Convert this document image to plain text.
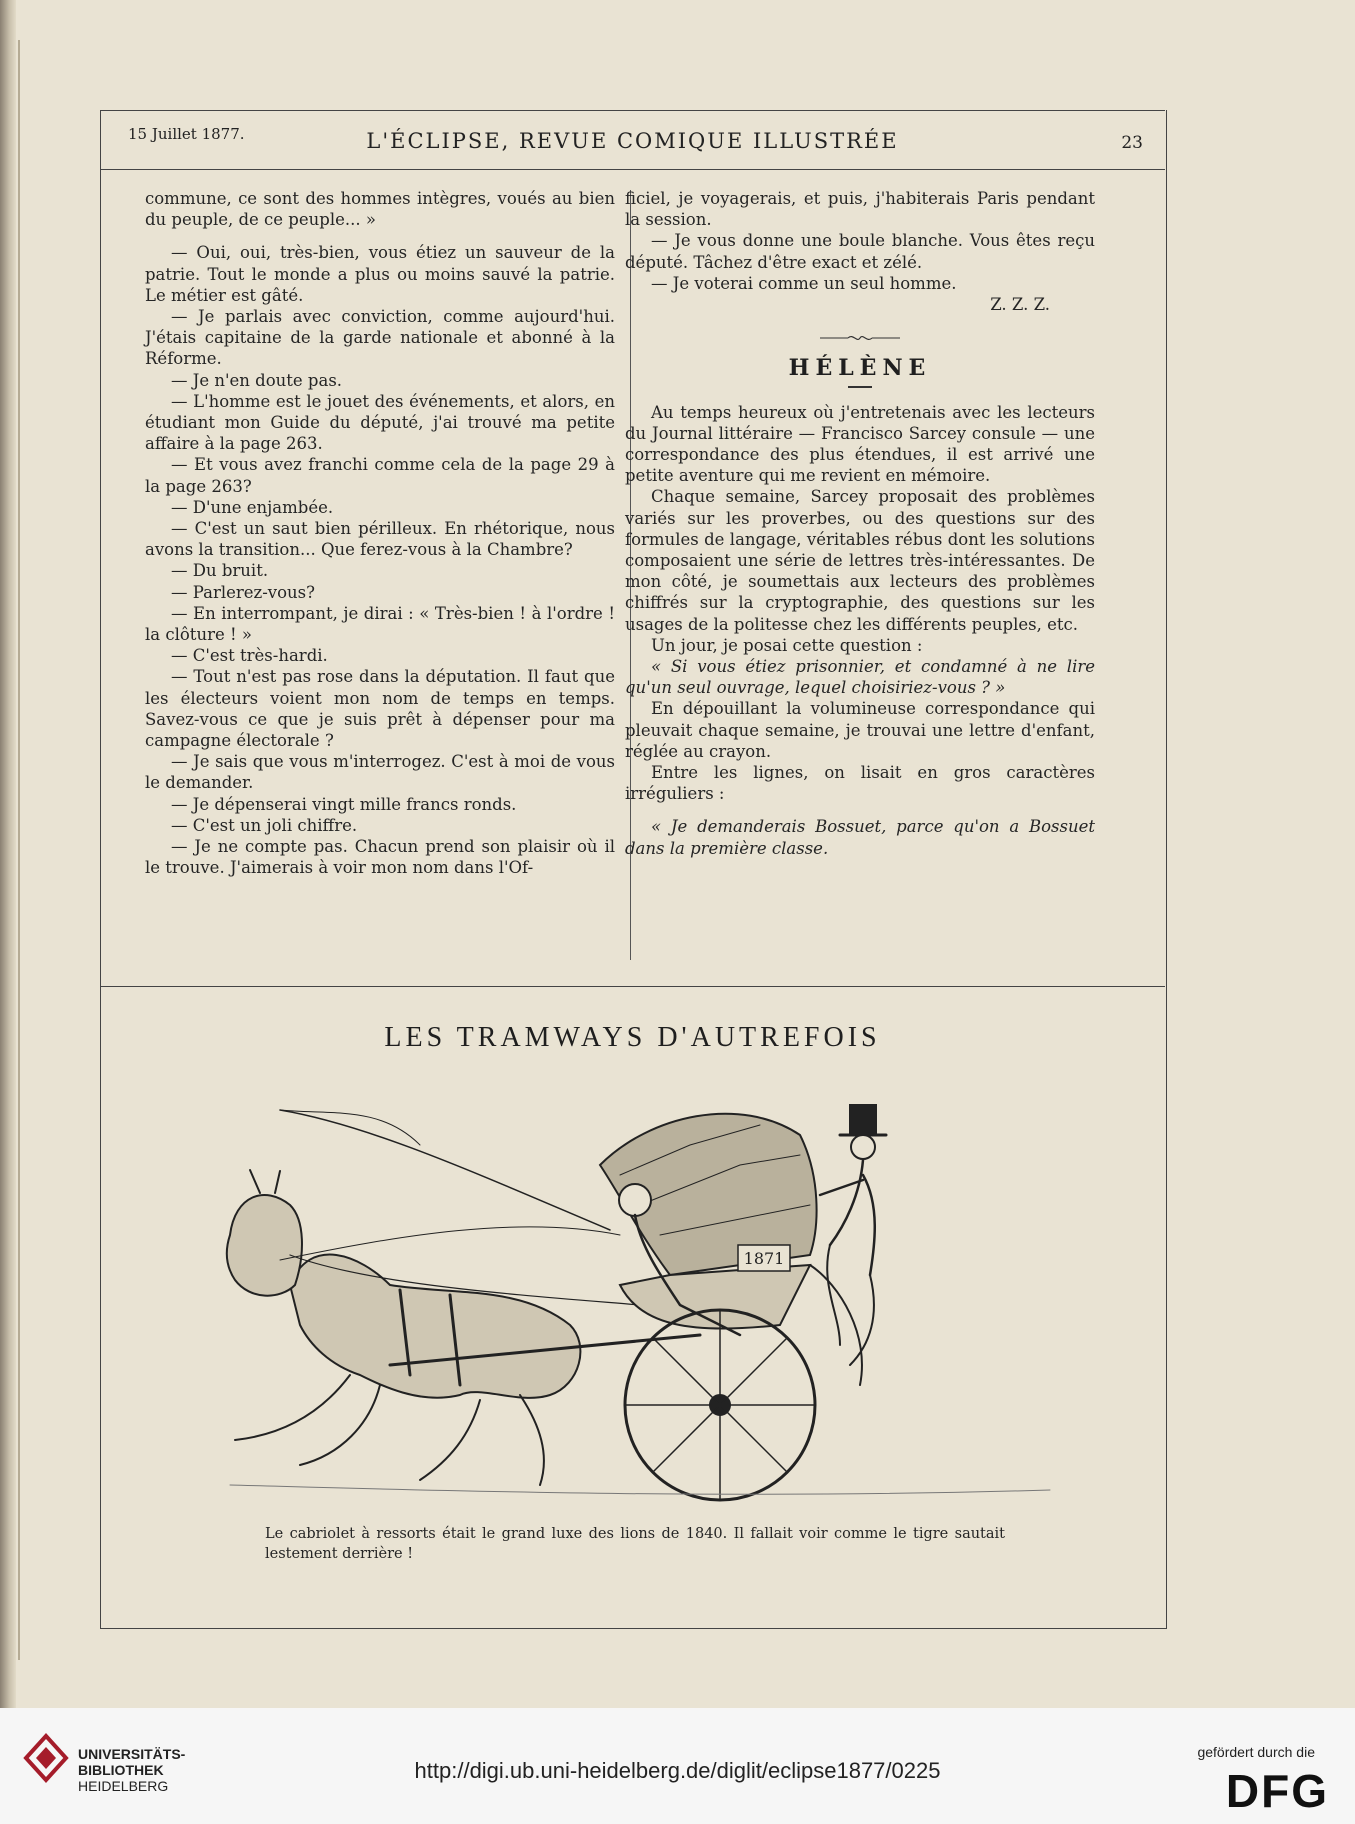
15 Juillet 1877.	L'ÉCLIPSE, REVUE COMIQUE ILLUSTRÉE	23

commune, ce sont des hommes intègres, voués au bien du peuple, de ce peuple... »

— Oui, oui, très-bien, vous étiez un sauveur de la patrie. Tout le monde a plus ou moins sauvé la patrie. Le métier est gâté.

— Je parlais avec conviction, comme aujourd'hui. J'étais capitaine de la garde nationale et abonné à la Réforme.

— Je n'en doute pas.

— L'homme est le jouet des événements, et alors, en étudiant mon Guide du député, j'ai trouvé ma petite affaire à la page 263.

— Et vous avez franchi comme cela de la page 29 à la page 263?

— D'une enjambée.

— C'est un saut bien périlleux. En rhétorique, nous avons la transition... Que ferez-vous à la Chambre?

— Du bruit.

— Parlerez-vous?

— En interrompant, je dirai : « Très-bien ! à l'ordre ! la clôture ! »

— C'est très-hardi.

— Tout n'est pas rose dans la députation. Il faut que les électeurs voient mon nom de temps en temps. Savez-vous ce que je suis prêt à dépenser pour ma campagne électorale ?

— Je sais que vous m'interrogez. C'est à moi de vous le demander.

— Je dépenserai vingt mille francs ronds.

— C'est un joli chiffre.

— Je ne compte pas. Chacun prend son plaisir où il le trouve. J'aimerais à voir mon nom dans l'Of-

ficiel, je voyagerais, et puis, j'habiterais Paris pendant la session.

— Je vous donne une boule blanche. Vous êtes reçu député. Tâchez d'être exact et zélé.

— Je voterai comme un seul homme.

Z. Z. Z.

HÉLÈNE

Au temps heureux où j'entretenais avec les lecteurs du Journal littéraire — Francisco Sarcey consule — une correspondance des plus étendues, il est arrivé une petite aventure qui me revient en mémoire.

Chaque semaine, Sarcey proposait des problèmes variés sur les proverbes, ou des questions sur des formules de langage, véritables rébus dont les solutions composaient une série de lettres très-intéressantes. De mon côté, je soumettais aux lecteurs des problèmes chiffrés sur la cryptographie, des questions sur les usages de la politesse chez les différents peuples, etc.

Un jour, je posai cette question :

« Si vous étiez prisonnier, et condamné à ne lire qu'un seul ouvrage, lequel choisiriez-vous ? »

En dépouillant la volumineuse correspondance qui pleuvait chaque semaine, je trouvai une lettre d'enfant, réglée au crayon.

Entre les lignes, on lisait en gros caractères irréguliers :

« Je demanderais Bossuet, parce qu'on a Bossuet dans la première classe.

LES TRAMWAYS D'AUTREFOIS
1871
Le cabriolet à ressorts était le grand luxe des lions de 1840. Il fallait voir comme le tigre sautait lestement derrière !
UNIVERSITÄTS-
BIBLIOTHEK
HEIDELBERG
http://digi.ub.uni-heidelberg.de/diglit/eclipse1877/0225
gefördert durch die
DFG
